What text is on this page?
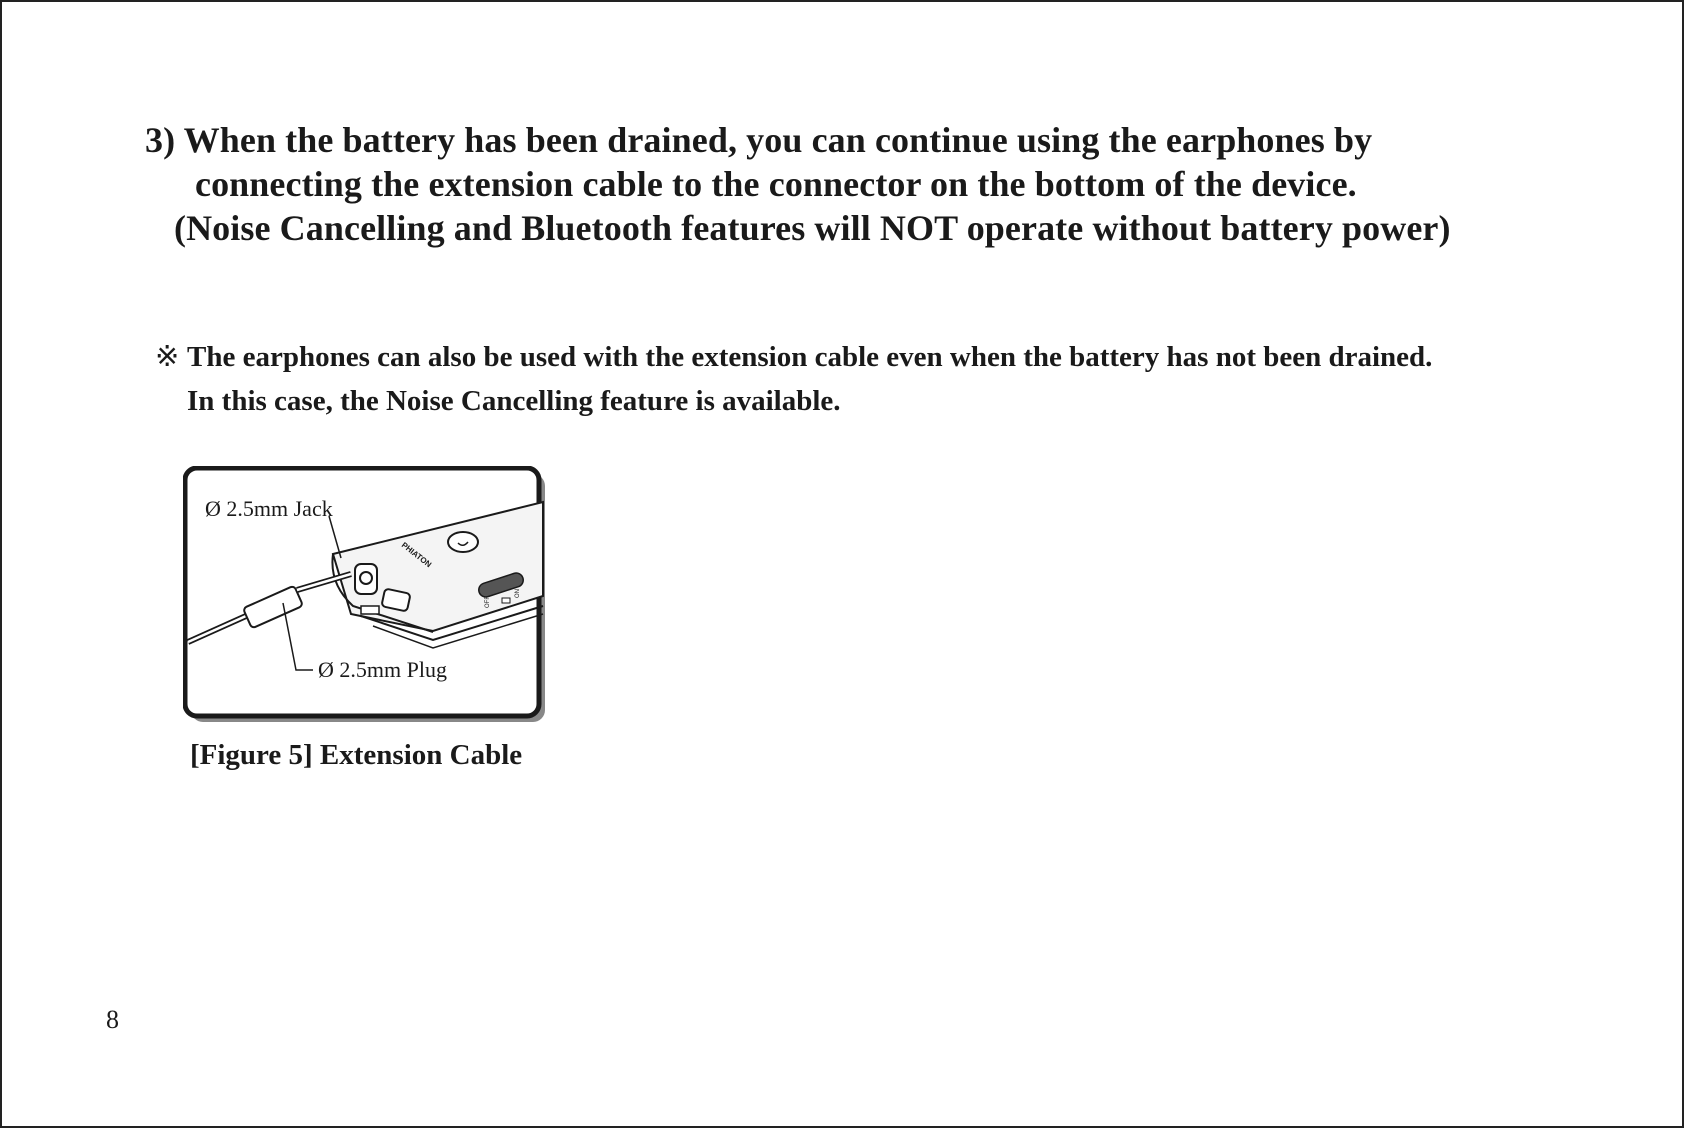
3) When the battery has been drained, you can continue using the earphones by
connecting the extension cable to the connector on the bottom of the device.
(Noise Cancelling and Bluetooth features will NOT operate without battery power)
※ The earphones can also be used with the extension cable even when the battery has not been drained.
In this case, the Noise Cancelling feature is available.
PHIATON
OFF
ON
Ø 2.5mm Jack
Ø 2.5mm Plug
[Figure 5] Extension Cable
8
